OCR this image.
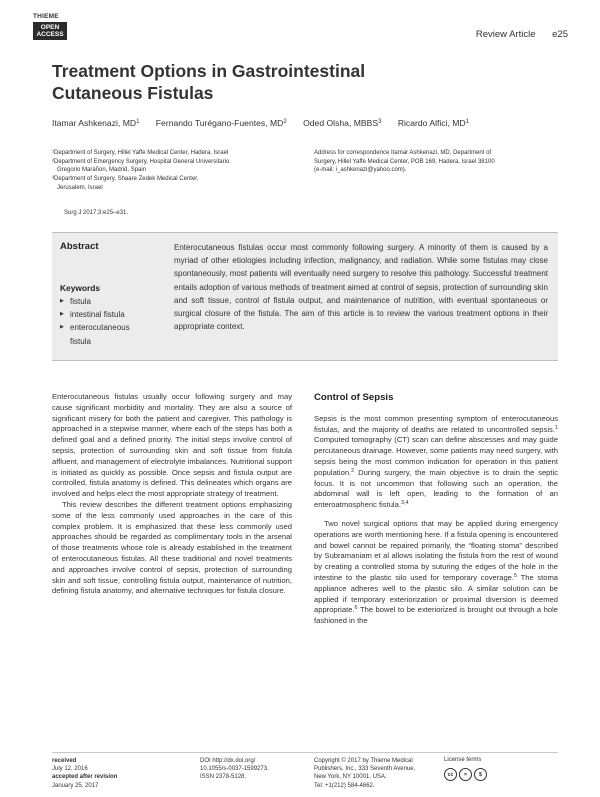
THIEME
OPEN
ACCESS	Review Article e25
Treatment Options in Gastrointestinal
Cutaneous Fistulas
Itamar Ashkenazi, $MD^1$ Fernando Turégano-Fuentes, $MD^2$ Oded Olsha, MBBS$^3$ Ricardo Alfici, $MD^1$

¹Department of Surgery, Hillel Yaffe Medical Center, Hadera, Israel

²Department of Emergency Surgery, Hospital General Universitario

Gregorio Marañon, Madrid, Spain

³Department of Surgery, Shaare Zedek Medical Center,

Jerusalem, Israel

Address for correspondence Itamar Ashkenazi, MD, Department of

Surgery, Hillel Yaffe Medical Center, POB 169, Hadera, Israel 38100

(e-mail: i_ashkenazi@yahoo.com).

Surg J 2017;3:e25–e31.
Abstract
Keywords
▶ fistula
▶ intestinal fistula
▶ enterocutaneous fistula
Enterocutaneous fistulas occur most commonly following surgery. A minority of them is caused by a myriad of other etiologies including infection, malignancy, and radiation. While some fistulas may close spontaneously, most patients will eventually need surgery to resolve this pathology. Successful treatment entails adoption of various methods of treatment aimed at control of sepsis, protection of surrounding skin and soft tissue, control of fistula output, and maintenance of nutrition, with eventual spontaneous or surgical closure of the fistula. The aim of this article is to review the various treatment options in their appropriate context.

Enterocutaneous fistulas usually occur following surgery and may cause significant morbidity and mortality. They are also a source of significant misery for both the patient and caregiver. This pathology is approached in a stepwise manner, where each of the steps has both a defined goal and a defined priority. The initial steps involve control of sepsis, protection of surrounding skin and soft tissue from fistula affluent, and management of electrolyte imbalances. Nutritional support is initiated as quickly as possible. Once sepsis and fistula output are controlled, fistula anatomy is defined. This delineates which organs are involved and helps elect the most appropriate strategy of treatment.

This review describes the different treatment options emphasizing some of the less commonly used approaches in the care of this complex problem. It is emphasized that these less commonly used approaches should be regarded as complimentary tools in the arsenal of those treatments whose role is already established in the treatment of enterocutaneous fistulas. All these traditional and novel treatments and approaches involve control of sepsis, protection of surrounding skin and soft tissue, controlling fistula output, maintenance of nutrition, defining fistula anatomy, and alternative techniques for fistula closure.

Control of Sepsis

Sepsis is the most common presenting symptom of enterocutaneous fistulas, and the majority of deaths are related to uncontrolled sepsis.$^1$ Computed tomography (CT) scan can define abscesses and may guide percutaneous drainage. However, some patients may need surgery, with sepsis being the most common indication for operation in this patient population.$^2$ During surgery, the main objective is to drain the septic focus. It is not uncommon that following such an operation, the abdominal wall is left open, leading to the formation of an enteroatmospheric fistula.$^{3,4}$

Two novel surgical options that may be applied during emergency operations are worth mentioning here. If a fistula opening is encountered and bowel cannot be repaired primarily, the “floating stoma” described by Subramaniam et al allows isolating the fistula from the rest of wound by creating a controlled stoma by suturing the edges of the hole in the intestine to the plastic silo used for temporary coverage.$^5$ The stoma appliance adheres well to the plastic silo. A similar solution can be applied if temporary exteriorization or proximal diversion is deemed appropriate.$^6$ The bowel to be exteriorized is brought out through a hole fashioned in the

received
July 12, 2016
accepted after revision
January 25, 2017
DOI http://dx.doi.org/
10.1055/s-0037-1599273.
ISSN 2378-5128.
Copyright © 2017 by Thieme Medical
Publishers, Inc., 333 Seventh Avenue,
New York, NY 10001, USA.
Tel: +1(212) 584-4662.
License terms
cc	=	$
